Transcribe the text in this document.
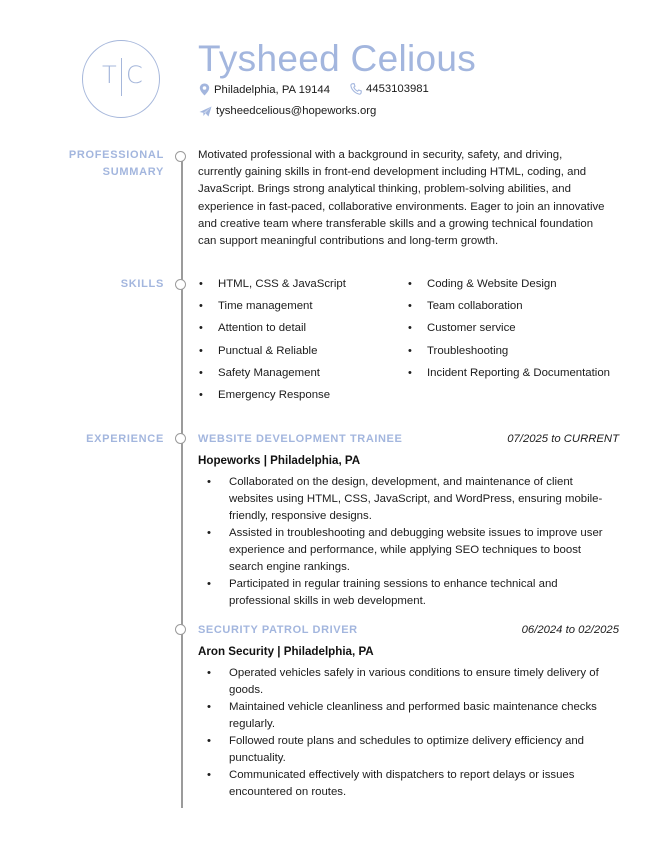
T C Tysheed Celious
Philadelphia, PA 19144	4453103981
tysheedcelious@hopeworks.org
PROFESSIONAL
SUMMARY
Motivated professional with a background in security, safety, and driving,
currently gaining skills in front-end development including HTML, coding, and
JavaScript. Brings strong analytical thinking, problem-solving abilities, and
experience in fast-paced, collaborative environments. Eager to join an innovative
and creative team where transferable skills and a growing technical foundation
can support meaningful contributions and long-term growth.
SKILLS	• HTML, CSS & JavaScript
• Time management
• Attention to detail
• Punctual & Reliable
• Safety Management
• Emergency Response
• Coding & Website Design
• Team collaboration
• Customer service
• Troubleshooting
• Incident Reporting & Documentation
EXPERIENCE	WEBSITE DEVELOPMENT TRAINEE	07/2025 to CURRENT
Hopeworks | Philadelphia, PA
• Collaborated on the design, development, and maintenance of client
websites using HTML, CSS, JavaScript, and WordPress, ensuring mobile-
friendly, responsive designs.
• Assisted in troubleshooting and debugging website issues to improve user
experience and performance, while applying SEO techniques to boost
search engine rankings.
• Participated in regular training sessions to enhance technical and
professional skills in web development.
SECURITY PATROL DRIVER	06/2024 to 02/2025
Aron Security | Philadelphia, PA
• Operated vehicles safely in various conditions to ensure timely delivery of
goods.
• Maintained vehicle cleanliness and performed basic maintenance checks
regularly.
• Followed route plans and schedules to optimize delivery efficiency and
punctuality.
• Communicated effectively with dispatchers to report delays or issues
encountered on routes.
